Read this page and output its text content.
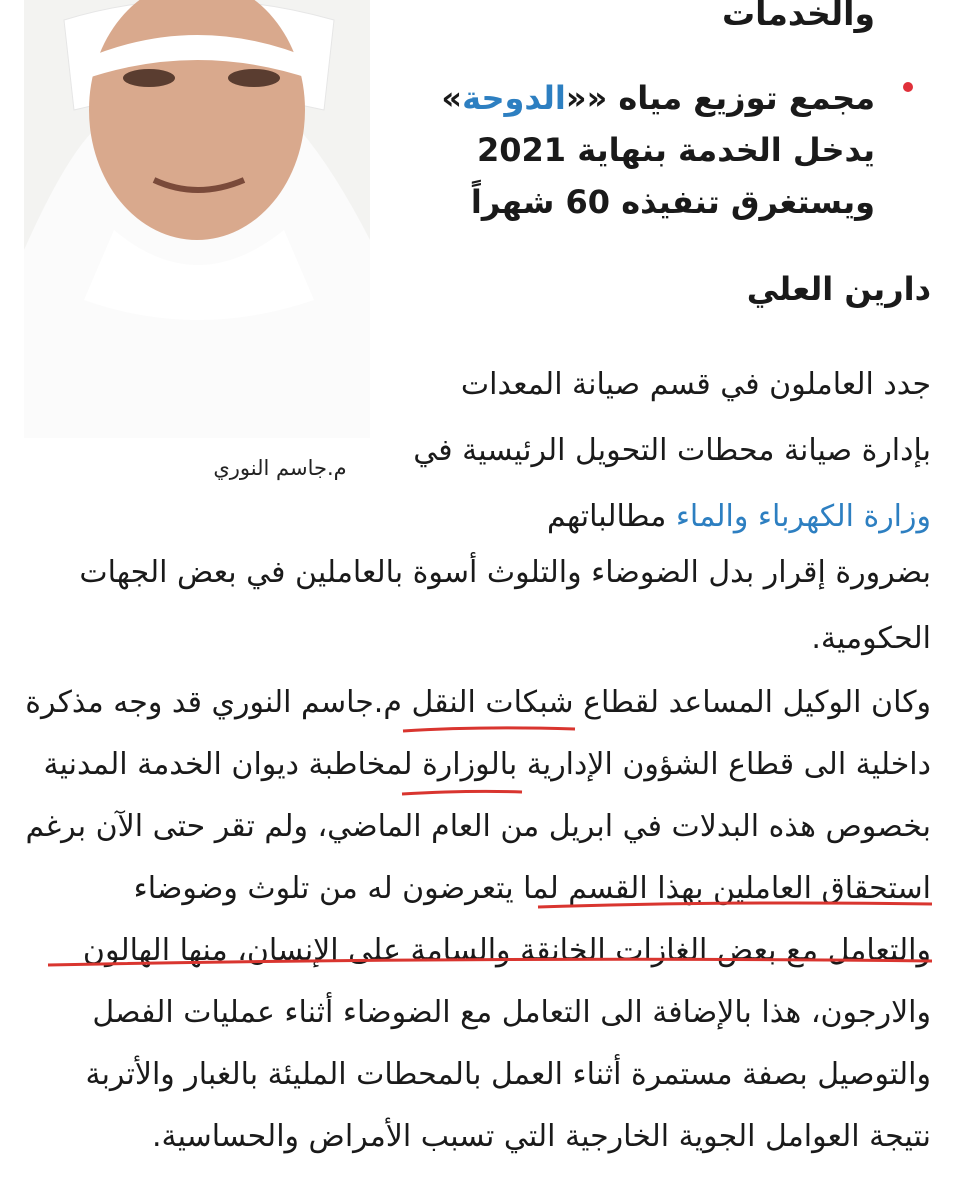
م.جاسم النوري
والخدمات
مجمع توزيع مياه ««الدوحة» يدخل الخدمة بنهاية 2021 ويستغرق تنفيذه 60 شهراً
دارين العلي
جدد العاملون في قسم صيانة المعدات بإدارة صيانة محطات التحويل الرئيسية في وزارة الكهرباء والماء مطالباتهم
بضرورة إقرار بدل الضوضاء والتلوث أسوة بالعاملين في بعض الجهات الحكومية.
وكان الوكيل المساعد لقطاع شبكات النقل م.جاسم النوري قد وجه مذكرة داخلية الى قطاع الشؤون الإدارية بالوزارة لمخاطبة ديوان الخدمة المدنية بخصوص هذه البدلات في ابريل من العام الماضي، ولم تقر حتى الآن برغم استحقاق العاملين بهذا القسم لما يتعرضون له من تلوث وضوضاء والتعامل مع بعض الغازات الخانقة والسامة على الإنسان، منها الهالون والارجون، هذا بالإضافة الى التعامل مع الضوضاء أثناء عمليات الفصل والتوصيل بصفة مستمرة أثناء العمل بالمحطات المليئة بالغبار والأتربة نتيجة العوامل الجوية الخارجية التي تسبب الأمراض والحساسية.
